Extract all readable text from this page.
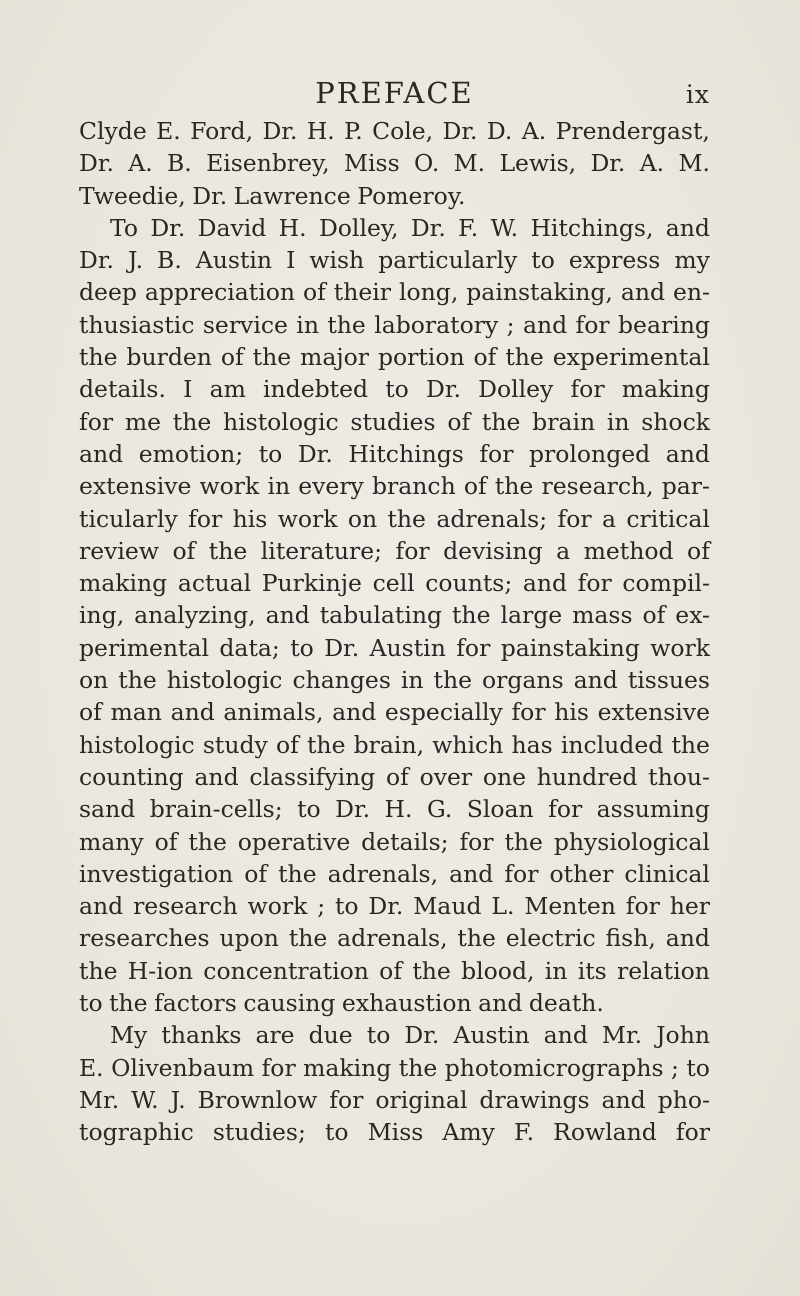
PREFACE	ix
Clyde E. Ford, Dr. H. P. Cole, Dr. D. A. Prendergast,
Dr. A. B. Eisenbrey, Miss O. M. Lewis, Dr. A. M.
Tweedie, Dr. Lawrence Pomeroy.
To Dr. David H. Dolley, Dr. F. W. Hitchings, and
Dr. J. B. Austin I wish particularly to express my
deep appreciation of their long, painstaking, and en-
thusiastic service in the laboratory ; and for bearing
the burden of the major portion of the experimental
details. I am indebted to Dr. Dolley for making
for me the histologic studies of the brain in shock
and emotion; to Dr. Hitchings for prolonged and
extensive work in every branch of the research, par-
ticularly for his work on the adrenals; for a critical
review of the literature; for devising a method of
making actual Purkinje cell counts; and for compil-
ing, analyzing, and tabulating the large mass of ex-
perimental data; to Dr. Austin for painstaking work
on the histologic changes in the organs and tissues
of man and animals, and especially for his extensive
histologic study of the brain, which has included the
counting and classifying of over one hundred thou-
sand brain-cells; to Dr. H. G. Sloan for assuming
many of the operative details; for the physiological
investigation of the adrenals, and for other clinical
and research work ; to Dr. Maud L. Menten for her
researches upon the adrenals, the electric fish, and
the H-ion concentration of the blood, in its relation
to the factors causing exhaustion and death.
My thanks are due to Dr. Austin and Mr. John
E. Olivenbaum for making the photomicrographs ; to
Mr. W. J. Brownlow for original drawings and pho-
tographic studies; to Miss Amy F. Rowland for
